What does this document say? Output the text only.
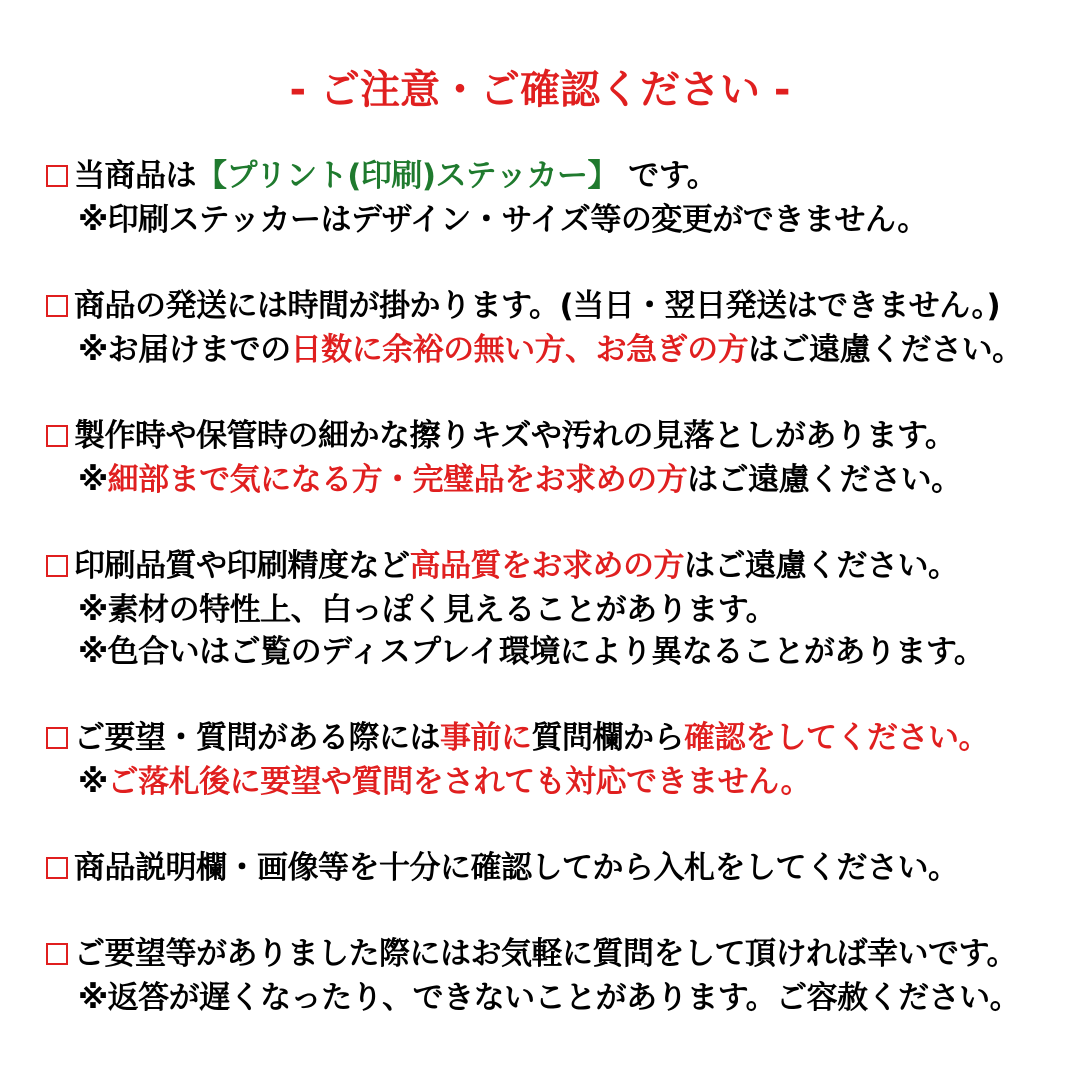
- ご注意・ご確認ください -
当商品は【プリント(印刷)ステッカー】 です。
※印刷ステッカーはデザイン・サイズ等の変更ができません。
商品の発送には時間が掛かります。(当日・翌日発送はできません。)
※お届けまでの日数に余裕の無い方、お急ぎの方はご遠慮ください。
製作時や保管時の細かな擦りキズや汚れの見落としがあります。
※細部まで気になる方・完璧品をお求めの方はご遠慮ください。
印刷品質や印刷精度など高品質をお求めの方はご遠慮ください。
※素材の特性上、白っぽく見えることがあります。
※色合いはご覧のディスプレイ環境により異なることがあります。
ご要望・質問がある際には事前に質問欄から確認をしてください。
※ご落札後に要望や質問をされても対応できません。
商品説明欄・画像等を十分に確認してから入札をしてください。
ご要望等がありました際にはお気軽に質問をして頂ければ幸いです。
※返答が遅くなったり、できないことがあります。ご容赦ください。
